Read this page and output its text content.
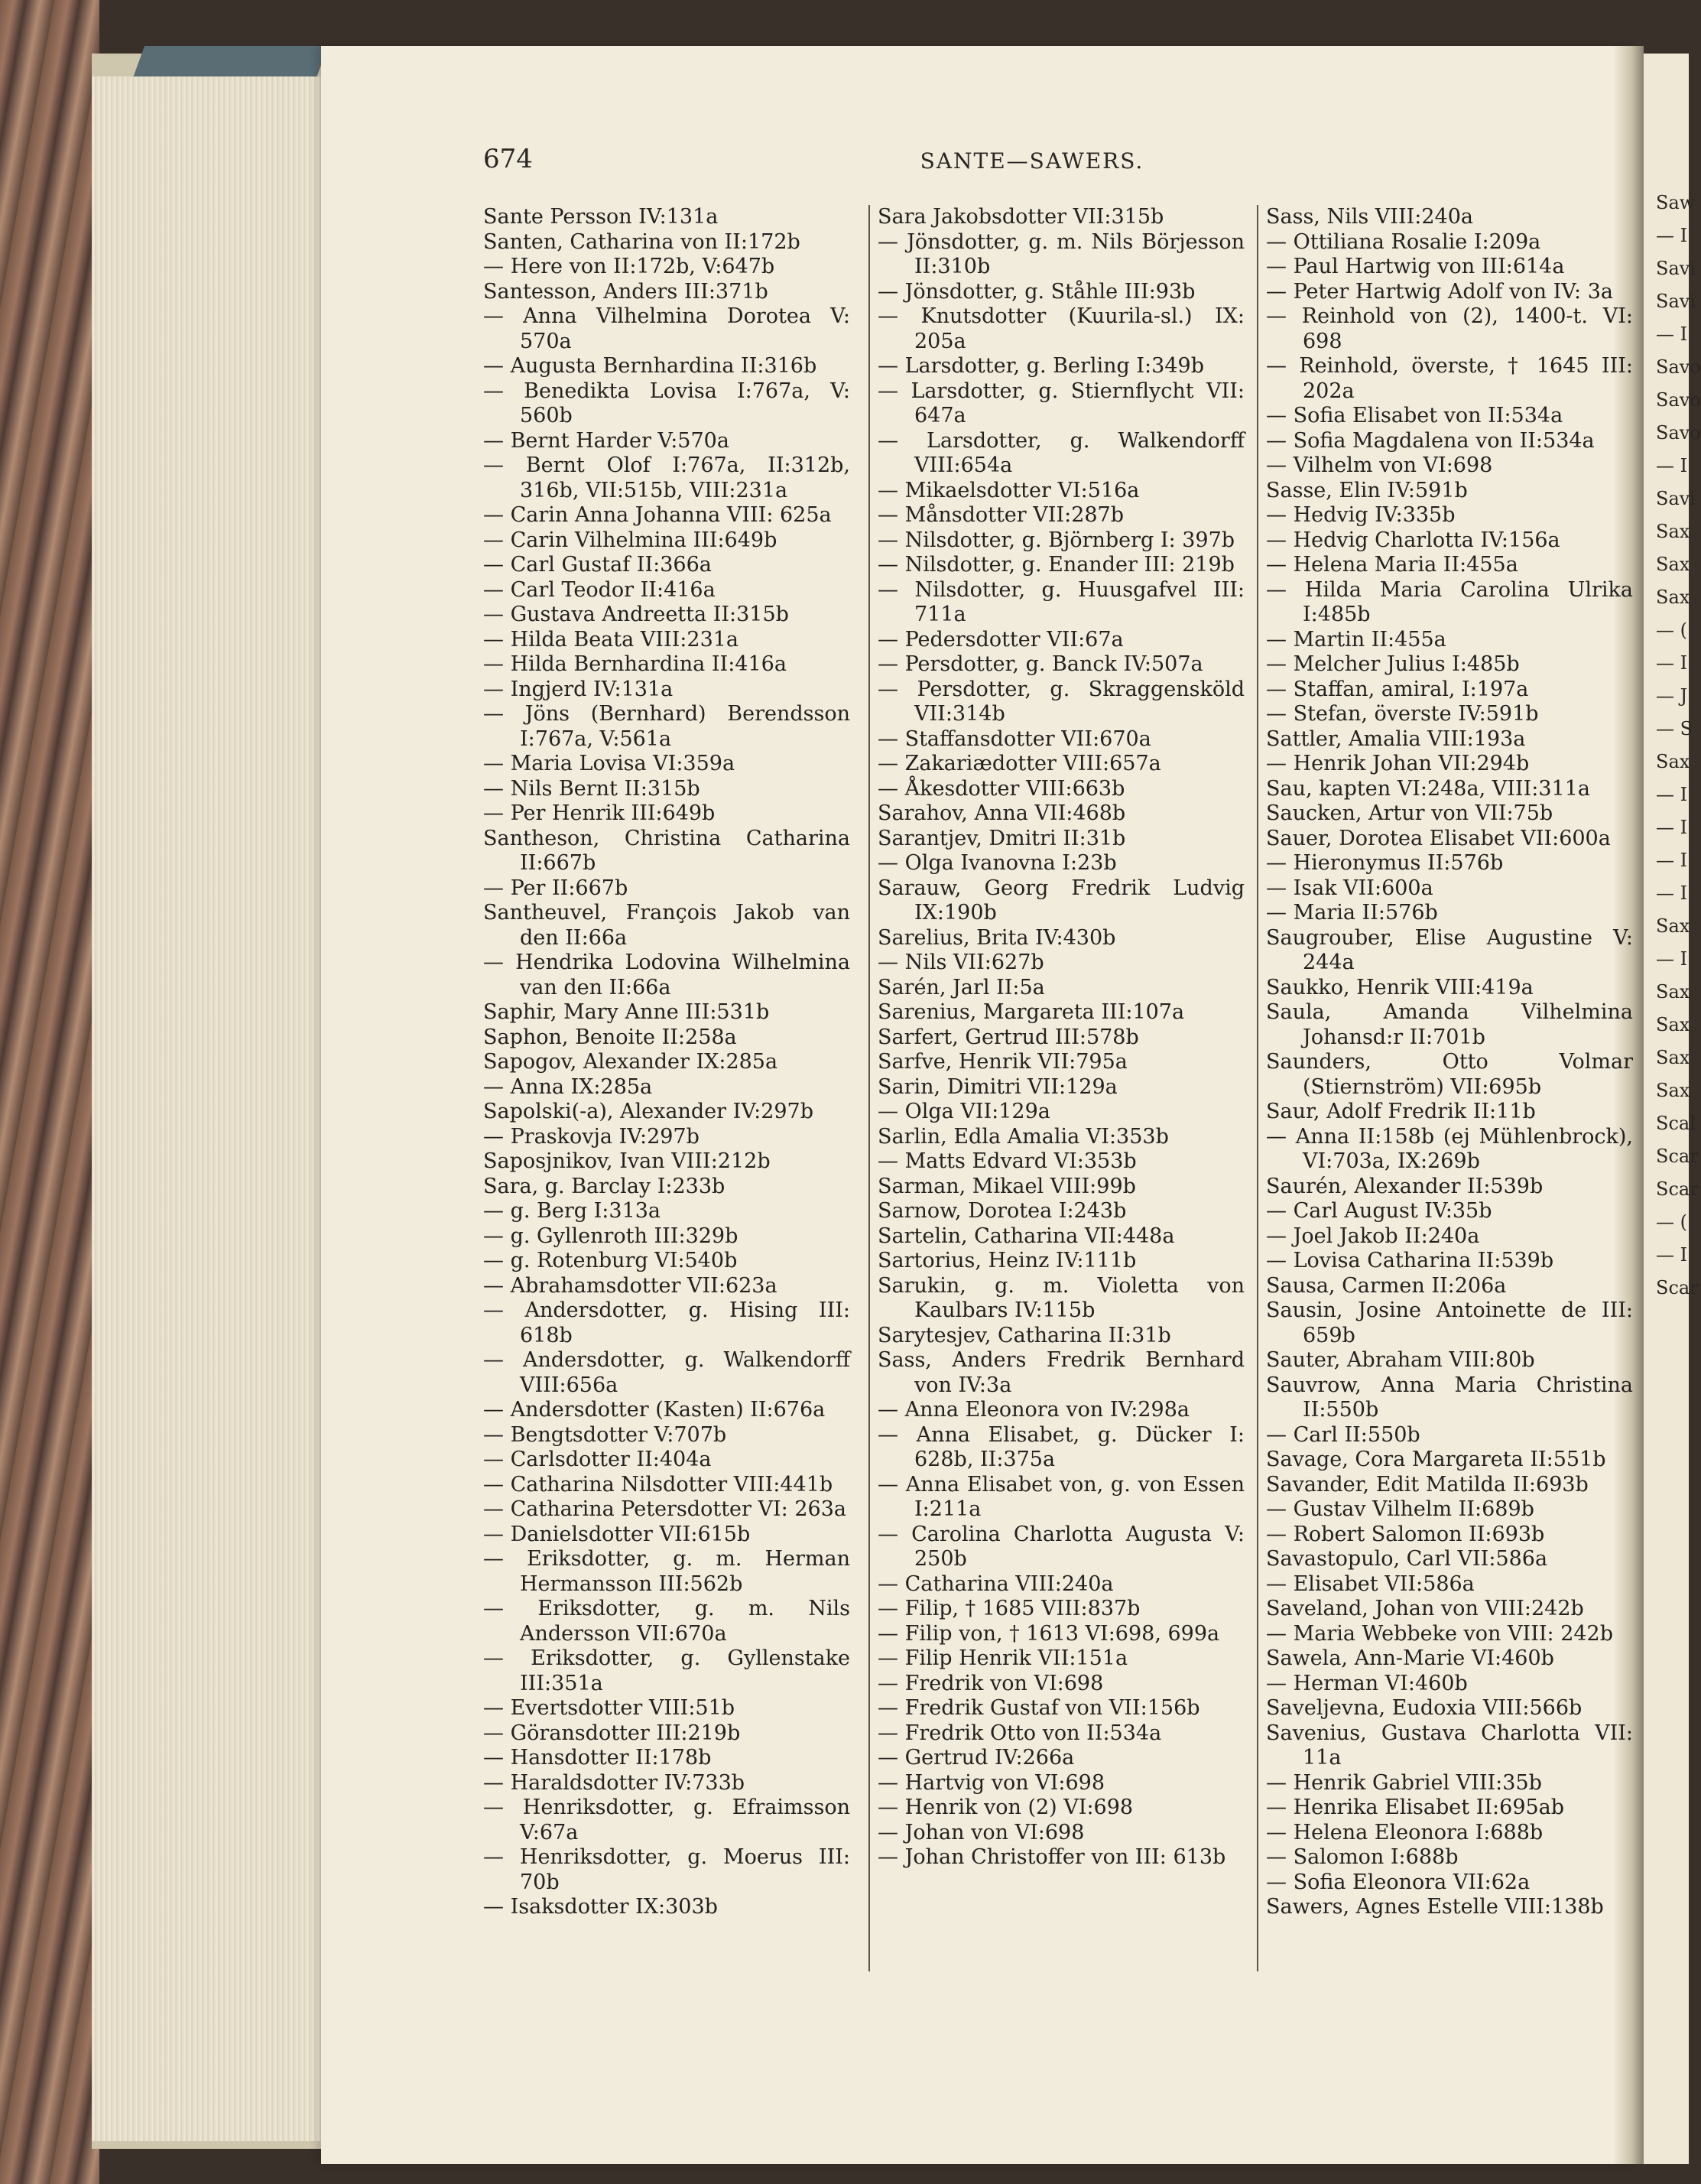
Saw
— I
Savi
Savi
— I
Savo
Savo
Savo
— I
Savi
Sax
Sax
Sax
— (
— I
— J
— S
Sax
— I
— I
— I
— I
Sax
— I
Sax
Sax
Sax
Sax
Scal
Scar
Scar
— (
— I
Scar
674	SANTE—SAWERS.
Sante Persson IV:131a
Santen, Catharina von II:172b
— Here von II:172b, V:647b
Santesson, Anders III:371b
— Anna Vilhelmina Dorotea V: 570a
— Augusta Bernhardina II:316b
— Benedikta Lovisa I:767a, V: 560b
— Bernt Harder V:570a
— Bernt Olof I:767a, II:312b, 316b, VII:515b, VIII:231a
— Carin Anna Johanna VIII: 625a
— Carin Vilhelmina III:649b
— Carl Gustaf II:366a
— Carl Teodor II:416a
— Gustava Andreetta II:315b
— Hilda Beata VIII:231a
— Hilda Bernhardina II:416a
— Ingjerd IV:131a
— Jöns (Bernhard) Berendsson I:767a, V:561a
— Maria Lovisa VI:359a
— Nils Bernt II:315b
— Per Henrik III:649b
Santheson, Christina Catharina II:667b
— Per II:667b
Santheuvel, François Jakob van den II:66a
— Hendrika Lodovina Wilhelmina van den II:66a
Saphir, Mary Anne III:531b
Saphon, Benoite II:258a
Sapogov, Alexander IX:285a
— Anna IX:285a
Sapolski(-a), Alexander IV:297b
— Praskovja IV:297b
Saposjnikov, Ivan VIII:212b
Sara, g. Barclay I:233b
— g. Berg I:313a
— g. Gyllenroth III:329b
— g. Rotenburg VI:540b
— Abrahamsdotter VII:623a
— Andersdotter, g. Hising III: 618b
— Andersdotter, g. Walkendorff VIII:656a
— Andersdotter (Kasten) II:676a
— Bengtsdotter V:707b
— Carlsdotter II:404a
— Catharina Nilsdotter VIII:441b
— Catharina Petersdotter VI: 263a
— Danielsdotter VII:615b
— Eriksdotter, g. m. Herman Hermansson III:562b
— Eriksdotter, g. m. Nils Andersson VII:670a
— Eriksdotter, g. Gyllenstake III:351a
— Evertsdotter VIII:51b
— Göransdotter III:219b
— Hansdotter II:178b
— Haraldsdotter IV:733b
— Henriksdotter, g. Efraimsson V:67a
— Henriksdotter, g. Moerus III: 70b
— Isaksdotter IX:303b
Sara Jakobsdotter VII:315b
— Jönsdotter, g. m. Nils Börjesson II:310b
— Jönsdotter, g. Ståhle III:93b
— Knutsdotter (Kuurila-sl.) IX: 205a
— Larsdotter, g. Berling I:349b
— Larsdotter, g. Stiernflycht VII: 647a
— Larsdotter, g. Walkendorff VIII:654a
— Mikaelsdotter VI:516a
— Månsdotter VII:287b
— Nilsdotter, g. Björnberg I: 397b
— Nilsdotter, g. Enander III: 219b
— Nilsdotter, g. Huusgafvel III: 711a
— Pedersdotter VII:67a
— Persdotter, g. Banck IV:507a
— Persdotter, g. Skraggensköld VII:314b
— Staffansdotter VII:670a
— Zakariædotter VIII:657a
— Åkesdotter VIII:663b
Sarahov, Anna VII:468b
Sarantjev, Dmitri II:31b
— Olga Ivanovna I:23b
Sarauw, Georg Fredrik Ludvig IX:190b
Sarelius, Brita IV:430b
— Nils VII:627b
Sarén, Jarl II:5a
Sarenius, Margareta III:107a
Sarfert, Gertrud III:578b
Sarfve, Henrik VII:795a
Sarin, Dimitri VII:129a
— Olga VII:129a
Sarlin, Edla Amalia VI:353b
— Matts Edvard VI:353b
Sarman, Mikael VIII:99b
Sarnow, Dorotea I:243b
Sartelin, Catharina VII:448a
Sartorius, Heinz IV:111b
Sarukin, g. m. Violetta von Kaulbars IV:115b
Sarytesjev, Catharina II:31b
Sass, Anders Fredrik Bernhard von IV:3a
— Anna Eleonora von IV:298a
— Anna Elisabet, g. Dücker I: 628b, II:375a
— Anna Elisabet von, g. von Essen I:211a
— Carolina Charlotta Augusta V: 250b
— Catharina VIII:240a
— Filip, † 1685 VIII:837b
— Filip von, † 1613 VI:698, 699a
— Filip Henrik VII:151a
— Fredrik von VI:698
— Fredrik Gustaf von VII:156b
— Fredrik Otto von II:534a
— Gertrud IV:266a
— Hartvig von VI:698
— Henrik von (2) VI:698
— Johan von VI:698
— Johan Christoffer von III: 613b
Sass, Nils VIII:240a
— Ottiliana Rosalie I:209a
— Paul Hartwig von III:614a
— Peter Hartwig Adolf von IV: 3a
— Reinhold von (2), 1400-t. VI: 698
— Reinhold, överste, † 1645 III: 202a
— Sofia Elisabet von II:534a
— Sofia Magdalena von II:534a
— Vilhelm von VI:698
Sasse, Elin IV:591b
— Hedvig IV:335b
— Hedvig Charlotta IV:156a
— Helena Maria II:455a
— Hilda Maria Carolina Ulrika I:485b
— Martin II:455a
— Melcher Julius I:485b
— Staffan, amiral, I:197a
— Stefan, överste IV:591b
Sattler, Amalia VIII:193a
— Henrik Johan VII:294b
Sau, kapten VI:248a, VIII:311a
Saucken, Artur von VII:75b
Sauer, Dorotea Elisabet VII:600a
— Hieronymus II:576b
— Isak VII:600a
— Maria II:576b
Saugrouber, Elise Augustine V: 244a
Saukko, Henrik VIII:419a
Saula, Amanda Vilhelmina Johansd:r II:701b
Saunders, Otto Volmar (Stiernström) VII:695b
Saur, Adolf Fredrik II:11b
— Anna II:158b (ej Mühlenbrock), VI:703a, IX:269b
Saurén, Alexander II:539b
— Carl August IV:35b
— Joel Jakob II:240a
— Lovisa Catharina II:539b
Sausa, Carmen II:206a
Sausin, Josine Antoinette de III: 659b
Sauter, Abraham VIII:80b
Sauvrow, Anna Maria Christina II:550b
— Carl II:550b
Savage, Cora Margareta II:551b
Savander, Edit Matilda II:693b
— Gustav Vilhelm II:689b
— Robert Salomon II:693b
Savastopulo, Carl VII:586a
— Elisabet VII:586a
Saveland, Johan von VIII:242b
— Maria Webbeke von VIII: 242b
Sawela, Ann-Marie VI:460b
— Herman VI:460b
Saveljevna, Eudoxia VIII:566b
Savenius, Gustava Charlotta VII: 11a
— Henrik Gabriel VIII:35b
— Henrika Elisabet II:695ab
— Helena Eleonora I:688b
— Salomon I:688b
— Sofia Eleonora VII:62a
Sawers, Agnes Estelle VIII:138b
